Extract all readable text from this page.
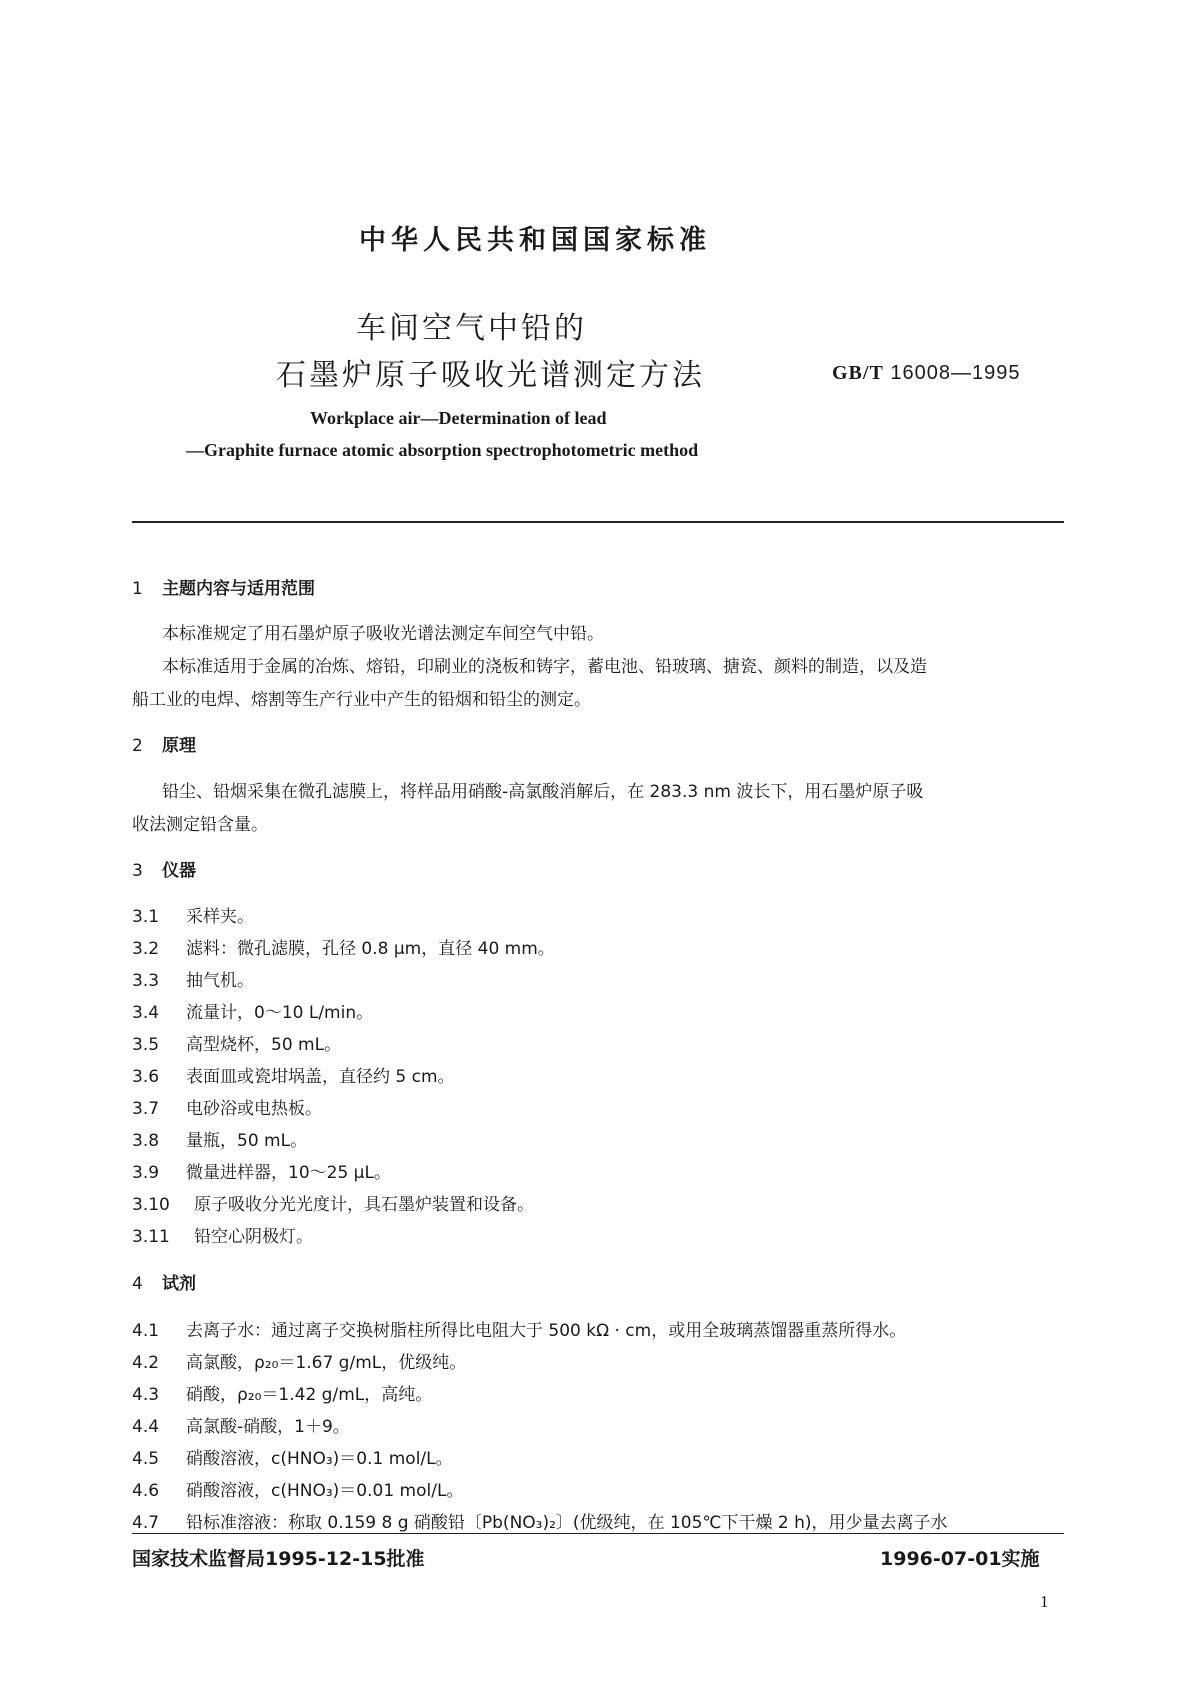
中华人民共和国国家标准
车间空气中铅的
石墨炉原子吸收光谱测定方法	GB/T 16008—1995
Workplace air—Determination of lead
—Graphite furnace atomic absorption spectrophotometric method
1 主题内容与适用范围
本标准规定了用石墨炉原子吸收光谱法测定车间空气中铅。
本标准适用于金属的冶炼、熔铅，印刷业的浇板和铸字，蓄电池、铅玻璃、搪瓷、颜料的制造，以及造
船工业的电焊、熔割等生产行业中产生的铅烟和铅尘的测定。
2 原理
铅尘、铅烟采集在微孔滤膜上，将样品用硝酸-高氯酸消解后，在 283.3 nm 波长下，用石墨炉原子吸
收法测定铅含量。
3 仪器
3.1 采样夹。
3.2 滤料：微孔滤膜，孔径 0.8 μm，直径 40 mm。
3.3 抽气机。
3.4 流量计，0～10 L/min。
3.5 高型烧杯，50 mL。
3.6 表面皿或瓷坩埚盖，直径约 5 cm。
3.7 电砂浴或电热板。
3.8 量瓶，50 mL。
3.9 微量进样器，10～25 μL。
3.10 原子吸收分光光度计，具石墨炉装置和设备。
3.11 铅空心阴极灯。
4 试剂
4.1 去离子水：通过离子交换树脂柱所得比电阻大于 500 kΩ · cm，或用全玻璃蒸馏器重蒸所得水。
4.2 高氯酸，ρ₂₀＝1.67 g/mL，优级纯。
4.3 硝酸，ρ₂₀＝1.42 g/mL，高纯。
4.4 高氯酸-硝酸，1＋9。
4.5 硝酸溶液，c(HNO₃)＝0.1 mol/L。
4.6 硝酸溶液，c(HNO₃)＝0.01 mol/L。
4.7 铅标准溶液：称取 0.159 8 g 硝酸铅〔Pb(NO₃)₂〕(优级纯，在 105℃下干燥 2 h)，用少量去离子水
国家技术监督局1995-12-15批准	1996-07-01实施
1
